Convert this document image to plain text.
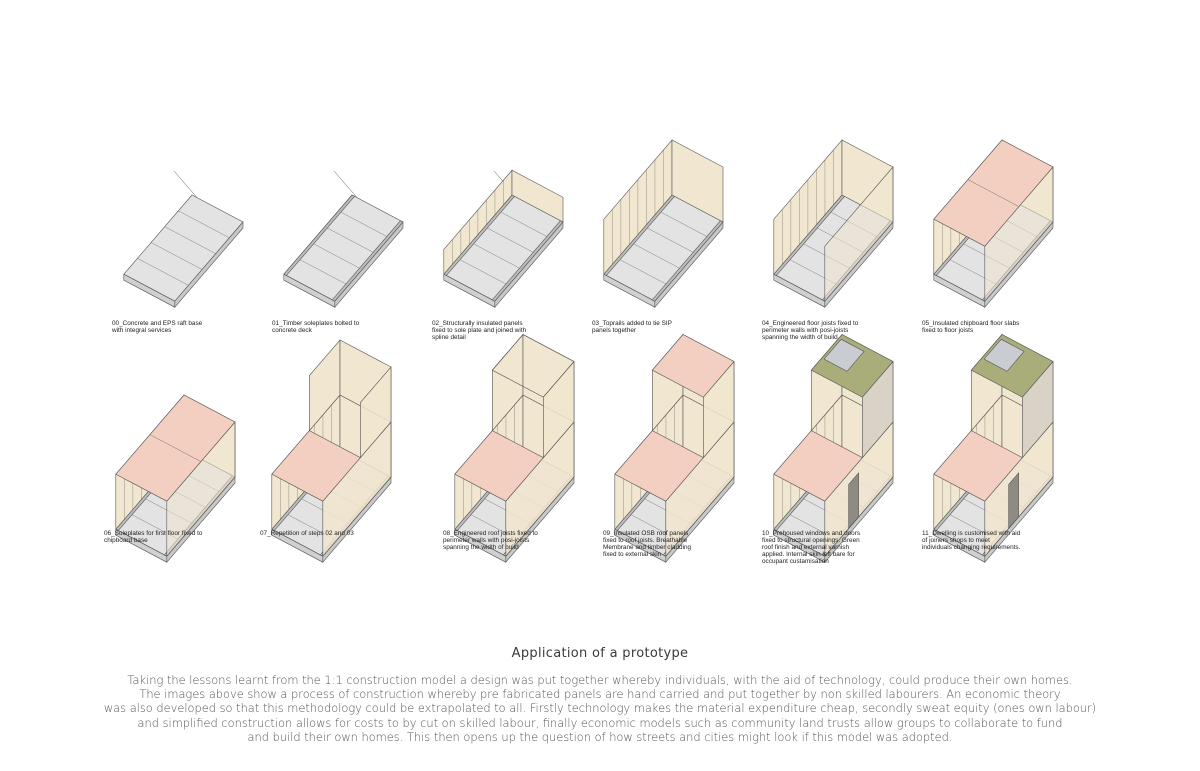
00_Concrete and EPS raft base
with integral services
01_Timber soleplates bolted to
concrete deck
02_Structurally insulated panels
fixed to sole plate and joined with
spline detail
03_Toprails added to tie SIP
panels together
04_Engineered floor joists fixed to
perimeter walls with posi-joists
spanning the width of build
05_Insulated chipboard floor slabs
fixed to floor joists
06_Soleplates for first floor fixed to
chipboard base
07_Repetition of steps 02 and 03	08_Engineered roof joists fixed to
perimeter walls with posi-joists
spanning the width of build
09_Insulated OSB roof panels
fixed to roof joists. Breathable
Membrane and timber cladding
fixed to external skin
10_Prehoused windows and doors
fixed to structural openings. Green
roof finish and external varnish
applied. Internal skin left bare for
occupant custamisation
11_Dwelling is customised with aid
of joiners shops to meet
individuals changing requirements.
Application of a prototype

Taking the lessons learnt from the 1:1 construction model a design was put together whereby individuals, with the aid of technology, could produce their own homes.

The images above show a process of construction whereby pre fabricated panels are hand carried and put together by non skilled labourers. An economic theory

was also developed so that this methodology could be extrapolated to all. Firstly technology makes the material expenditure cheap, secondly sweat equity (ones own labour)

and simplified construction allows for costs to by cut on skilled labour, finally economic models such as community land trusts allow groups to collaborate to fund

and build their own homes. This then opens up the question of how streets and cities might look if this model was adopted.
